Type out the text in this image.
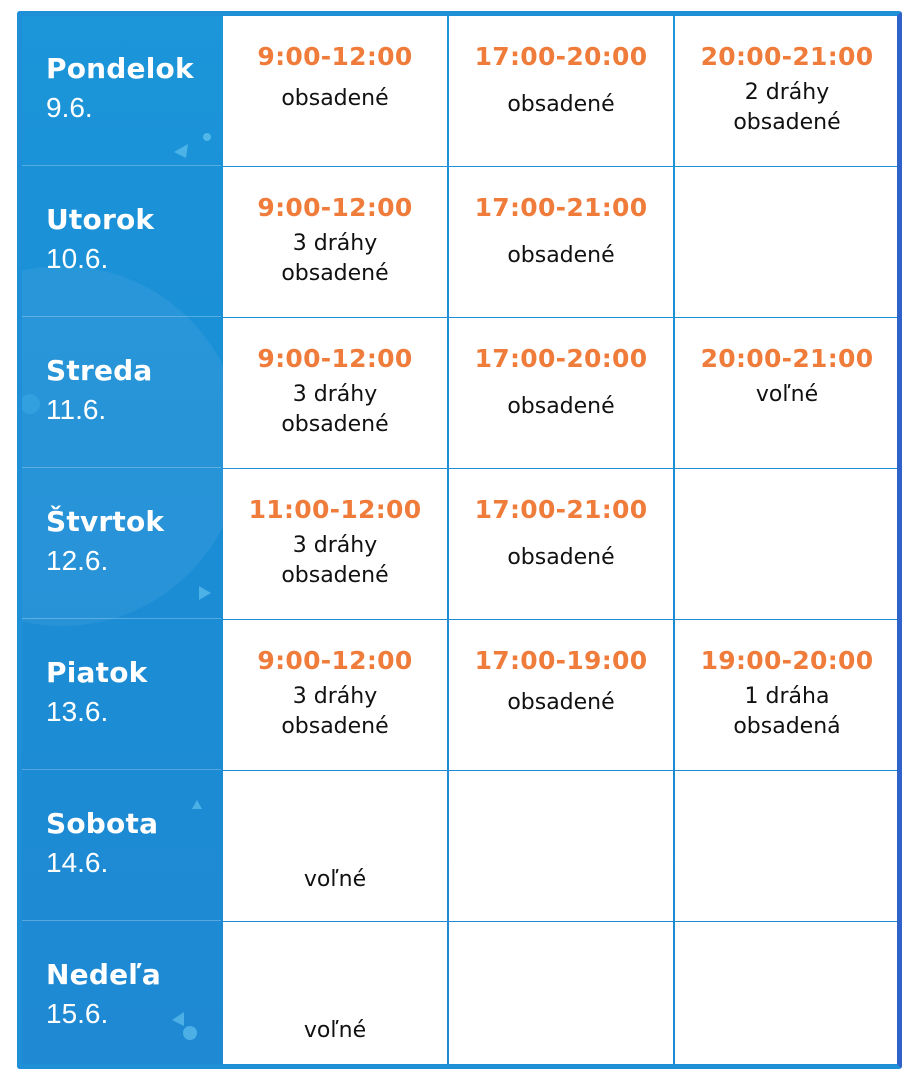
Pondelok
9.6.
9:00-12:00
obsadené
17:00-20:00
obsadené
20:00-21:00
2 dráhy
obsadené
Utorok
10.6.
9:00-12:00
3 dráhy
obsadené
17:00-21:00
obsadené
Streda
11.6.
9:00-12:00
3 dráhy
obsadené
17:00-20:00
obsadené
20:00-21:00
voľné
Štvrtok
12.6.
11:00-12:00
3 dráhy
obsadené
17:00-21:00
obsadené
Piatok
13.6.
9:00-12:00
3 dráhy
obsadené
17:00-19:00
obsadené
19:00-20:00
1 dráha
obsadená
Sobota
14.6.
voľné
Nedeľa
15.6.
voľné
